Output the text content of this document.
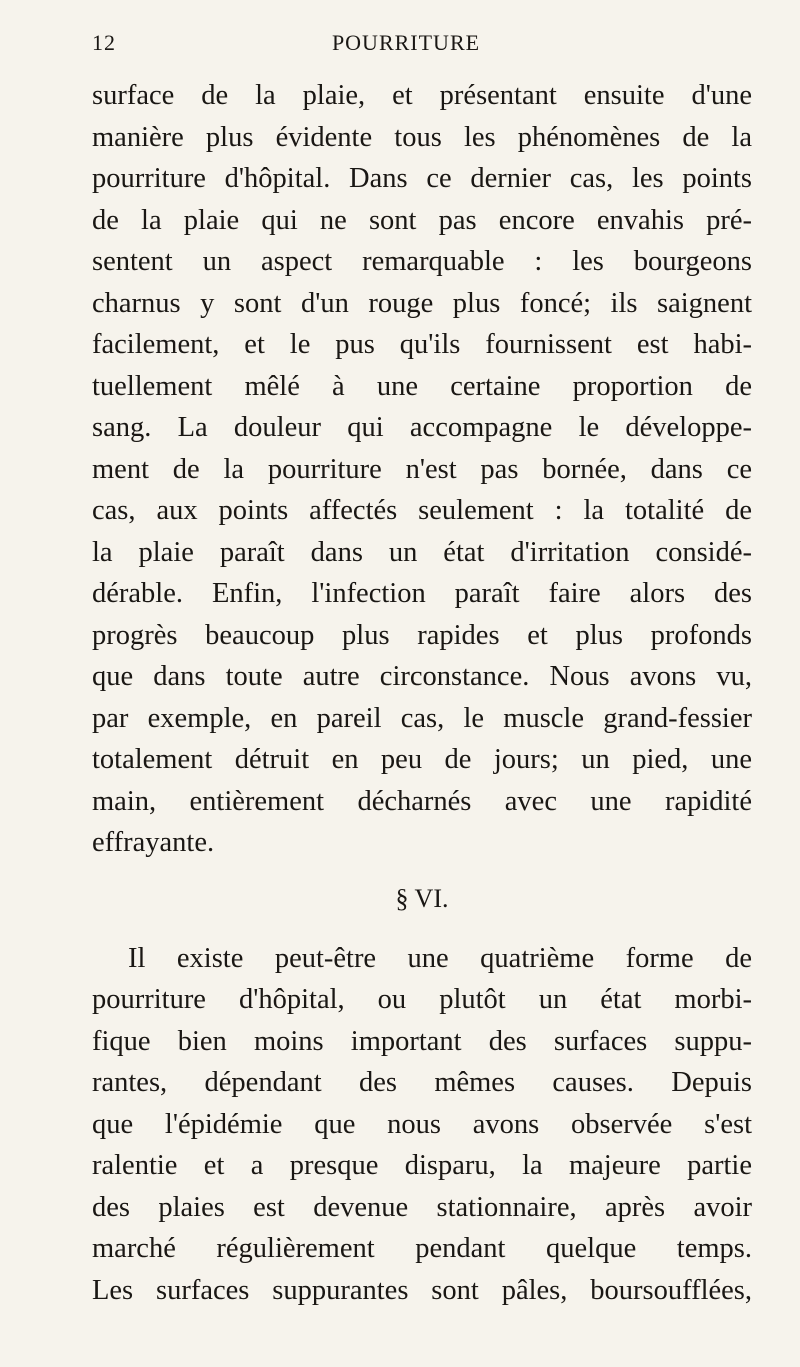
12	POURRITURE
surface de la plaie, et présentant ensuite d'une
manière plus évidente tous les phénomènes de la
pourriture d'hôpital. Dans ce dernier cas, les points
de la plaie qui ne sont pas encore envahis pré-
sentent un aspect remarquable : les bourgeons
charnus y sont d'un rouge plus foncé; ils saignent
facilement, et le pus qu'ils fournissent est habi-
tuellement mêlé à une certaine proportion de
sang. La douleur qui accompagne le développe-
ment de la pourriture n'est pas bornée, dans ce
cas, aux points affectés seulement : la totalité de
la plaie paraît dans un état d'irritation considé-
dérable. Enfin, l'infection paraît faire alors des
progrès beaucoup plus rapides et plus profonds
que dans toute autre circonstance. Nous avons vu,
par exemple, en pareil cas, le muscle grand-fessier
totalement détruit en peu de jours; un pied, une
main, entièrement décharnés avec une rapidité
effrayante.
§ VI.
Il existe peut-être une quatrième forme de
pourriture d'hôpital, ou plutôt un état morbi-
fique bien moins important des surfaces suppu-
rantes, dépendant des mêmes causes. Depuis
que l'épidémie que nous avons observée s'est
ralentie et a presque disparu, la majeure partie
des plaies est devenue stationnaire, après avoir
marché régulièrement pendant quelque temps.
Les surfaces suppurantes sont pâles, boursoufflées,
